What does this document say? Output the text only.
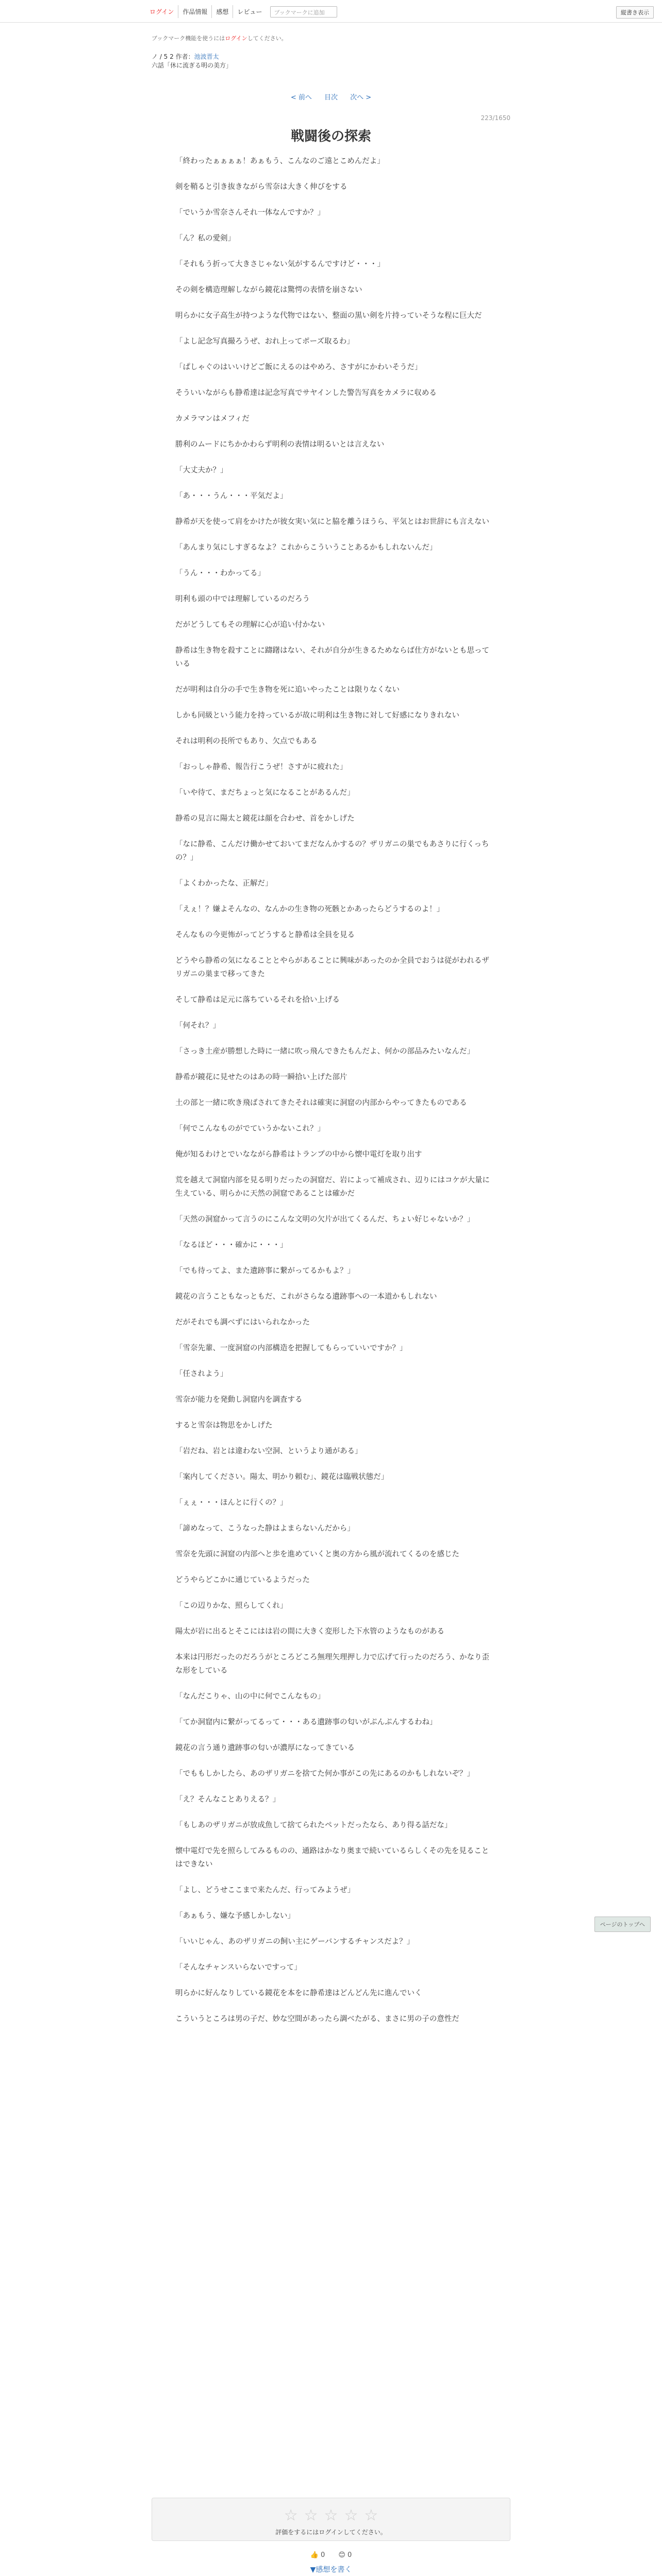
ログイン	作品情報	感想	レビュー	ブックマークに追加	縦書き表示
ブックマーク機能を使うにはログインしてください。
ノ / 5 2 作者：池波晋太
六話「休に流ぎる明の美方」
< 前へ 目次 次へ >
223/1650
戦闘後の探索

「終わったぁぁぁぁ！あぁもう、こんなのご遠とこめんだよ」

剣を鞘ると引き抜きながら雪奈は大きく伸びをする

「でいうか雪奈さんそれ一体なんですか？」

「ん？私の愛剣」

「それもう折って大きさじゃない気がするんですけど・・・」

その剣を構造理解しながら鏡花は驚愕の表情を崩さない

明らかに女子高生が持つような代物ではない、整面の黒い剣を片持っていそうな程に巨大だ

「よし記念写真撮ろうぜ、おれ上ってポーズ取るわ」

「ぱしゃぐのはいいけどご飯にえるのはやめろ、さすがにかわいそうだ」

そういいながらも静希達は記念写真でサヤインした警告写真をカメラに収める

カメラマンはメフィだ

勝利のムードにちかかわらず明利の表情は明るいとは言えない

「大丈夫か？」

「あ・・・うん・・・平気だよ」

静希が天を使って肩をかけたが彼女実い気にと脇を離うほうら、平気とはお世辞にも言えない

「あんまり気にしすぎるなよ？これからこういうことあるかもしれないんだ」

「うん・・・わかってる」

明利も頭の中では理解しているのだろう

だがどうしてもその理解に心が追い付かない

静希は生き物を殺すことに躊躇はない、それが自分が生きるためならば仕方がないとも思っている

だが明利は自分の手で生き物を死に追いやったことは限りなくない

しかも同級という能力を持っているが故に明利は生き物に対して好感になりきれない

それは明利の長所でもあり、欠点でもある

「おっしゃ静希、報告行こうぜ！さすがに疲れた」

「いや待て、まだちょっと気になることがあるんだ」

静希の見言に陽太と鏡花は顔を合わせ、首をかしげた

「なに静希、こんだけ働かせておいてまだなんかするの？ザリガニの巣でもあさりに行くっちの？」

「よくわかったな、正解だ」

「えぇ！？嫌よそんなの、なんかの生き物の死骸とかあったらどうするのよ！」

そんなもの今更怖がってどうすると静希は全員を見る

どうやら静希の気になることとやらがあることに興味があったのか全員でおうは従がわれるザリガニの巣まで移ってきた

そして静希は足元に落ちているそれを拾い上げる

「何それ？」

「さっき土産が勝想した時に一緒に吹っ飛んできたもんだよ、何かの部品みたいなんだ」

静希が鏡花に見せたのはあの時一瞬拾い上げた部片

土の部と一緒に吹き飛ばされてきたそれは確実に洞窟の内部からやってきたものである

「何でこんなものがでていうかないこれ？」

俺が知るわけとでいなながら静希はトランプの中から懐中電灯を取り出す

荒を越えて洞窟内部を見る明りだったの洞窟だ、岩によって補成され、辺りにはコケが大量に生えている、明らかに天然の洞窟であることは確かだ

「天然の洞窟かって言うのにこんな文明の欠片が出てくるんだ、ちょい好じゃないか？」

「なるほど・・・確かに・・・」

「でも待ってよ、また遺跡事に繋がってるかもよ？」

鏡花の言うこともなっともだ、これがさらなる遺跡事への一本道かもしれない

だがそれでも調べずにはいられなかった

「雪奈先輩、一度洞窟の内部構造を把握してもらっていいですか？」

「任されよう」

雪奈が能力を発動し洞窟内を調査する

すると雪奈は物思をかしげた

「岩だね、岩とは違わない空洞、というより通がある」

「案内してください。陽太、明かり頼む」、鏡花は臨戦状態だ」

「ぇぇ・・・ほんとに行くの？」

「諦めなって、こうなった静はよまらないんだから」

雪奈を先頭に洞窟の内部へと歩を進めていくと奥の方から風が流れてくるのを感じた

どうやらどこかに通じているようだった

「この辺りかな、照らしてくれ」

陽太が岩に出るとそこにはは岩の間に大きく変形した下水管のようなものがある

本来は円形だったのだろうがところどころ無理矢理押し力で広げて行ったのだろう、かなり歪な形をしている

「なんだこりゃ、山の中に何でこんなもの」

「てか洞窟内に繋がってるって・・・ある遺跡事の匂いがぷんぷんするわね」

鏡花の言う通り遺跡事の匂いが濃厚になってきている

「でももしかしたら、あのザリガニを捨てた何か事がこの先にあるのかもしれないぞ？」

「え？そんなことありえる？」

「もしあのザリガニが放成魚して捨てられたペットだったなら、あり得る話だな」

懐中電灯で先を照らしてみるものの、通路はかなり奥まで続いているらしくその先を見ることはできない

「よし、どうせここまで来たんだ、行ってみようぜ」

「あぁもう、嫌な予感しかしない」

「いいじゃん、あのザリガニの飼い主にゲーバンするチャンスだよ？」

「そんなチャンスいらないですって」

明らかに好んなりしている鏡花を本をに静希達はどんどん先に進んでいく

こういうところは男の子だ、妙な空間があったら調べたがる、まさに男の子の意性だ

ページのトップへ
☆ ☆ ☆ ☆ ☆
評価をするにはログインしてください。
👍 0 😊 0
▼感想を書く
